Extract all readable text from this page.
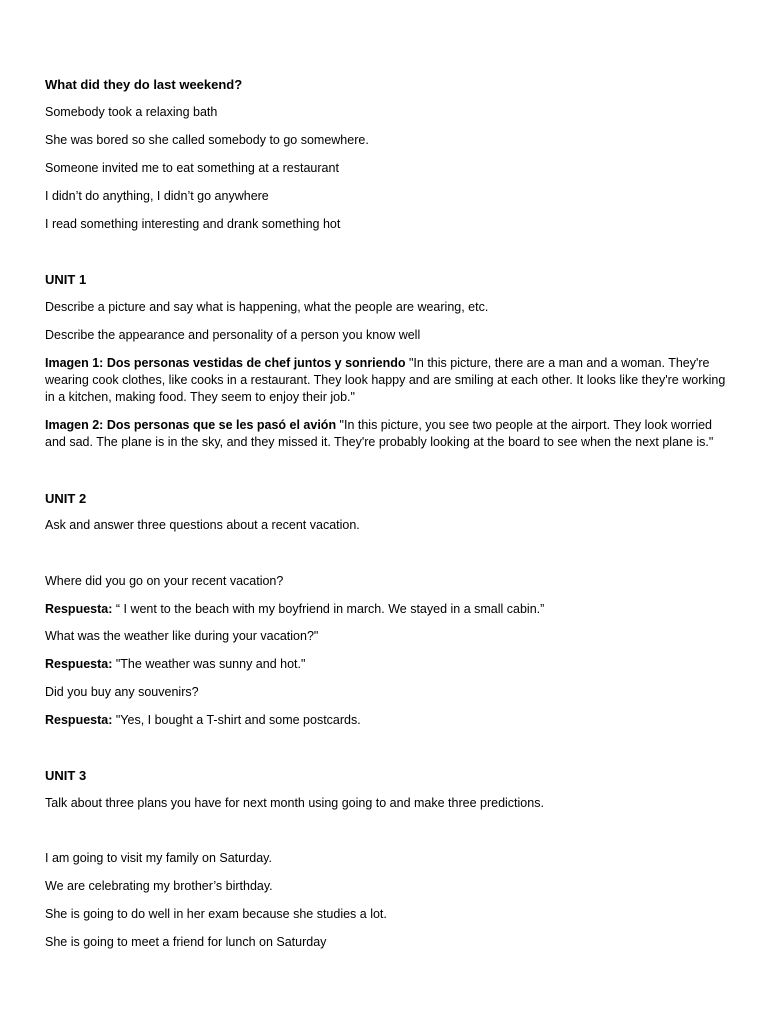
What did they do last weekend?

Somebody took a relaxing bath

She was bored so she called somebody to go somewhere.

Someone invited me to eat something at a restaurant

I didn’t do anything, I didn’t go anywhere

I read something interesting and drank something hot

UNIT 1

Describe a picture and say what is happening, what the people are wearing, etc.

Describe the appearance and personality of a person you know well

Imagen 1: Dos personas vestidas de chef juntos y sonriendo "In this picture, there are a man and a woman. They're wearing cook clothes, like cooks in a restaurant. They look happy and are smiling at each other. It looks like they're working in a kitchen, making food. They seem to enjoy their job."

Imagen 2: Dos personas que se les pasó el avión "In this picture, you see two people at the airport. They look worried and sad. The plane is in the sky, and they missed it. They're probably looking at the board to see when the next plane is."

UNIT 2

Ask and answer three questions about a recent vacation.

Where did you go on your recent vacation?

Respuesta: “ I went to the beach with my boyfriend in march. We stayed in a small cabin.”

What was the weather like during your vacation?"

Respuesta: "The weather was sunny and hot."

Did you buy any souvenirs?

Respuesta: "Yes, I bought a T-shirt and some postcards.

UNIT 3

Talk about three plans you have for next month using going to and make three predictions.

I am going to visit my family on Saturday.

We are celebrating my brother’s birthday.

She is going to do well in her exam because she studies a lot.

She is going to meet a friend for lunch on Saturday
